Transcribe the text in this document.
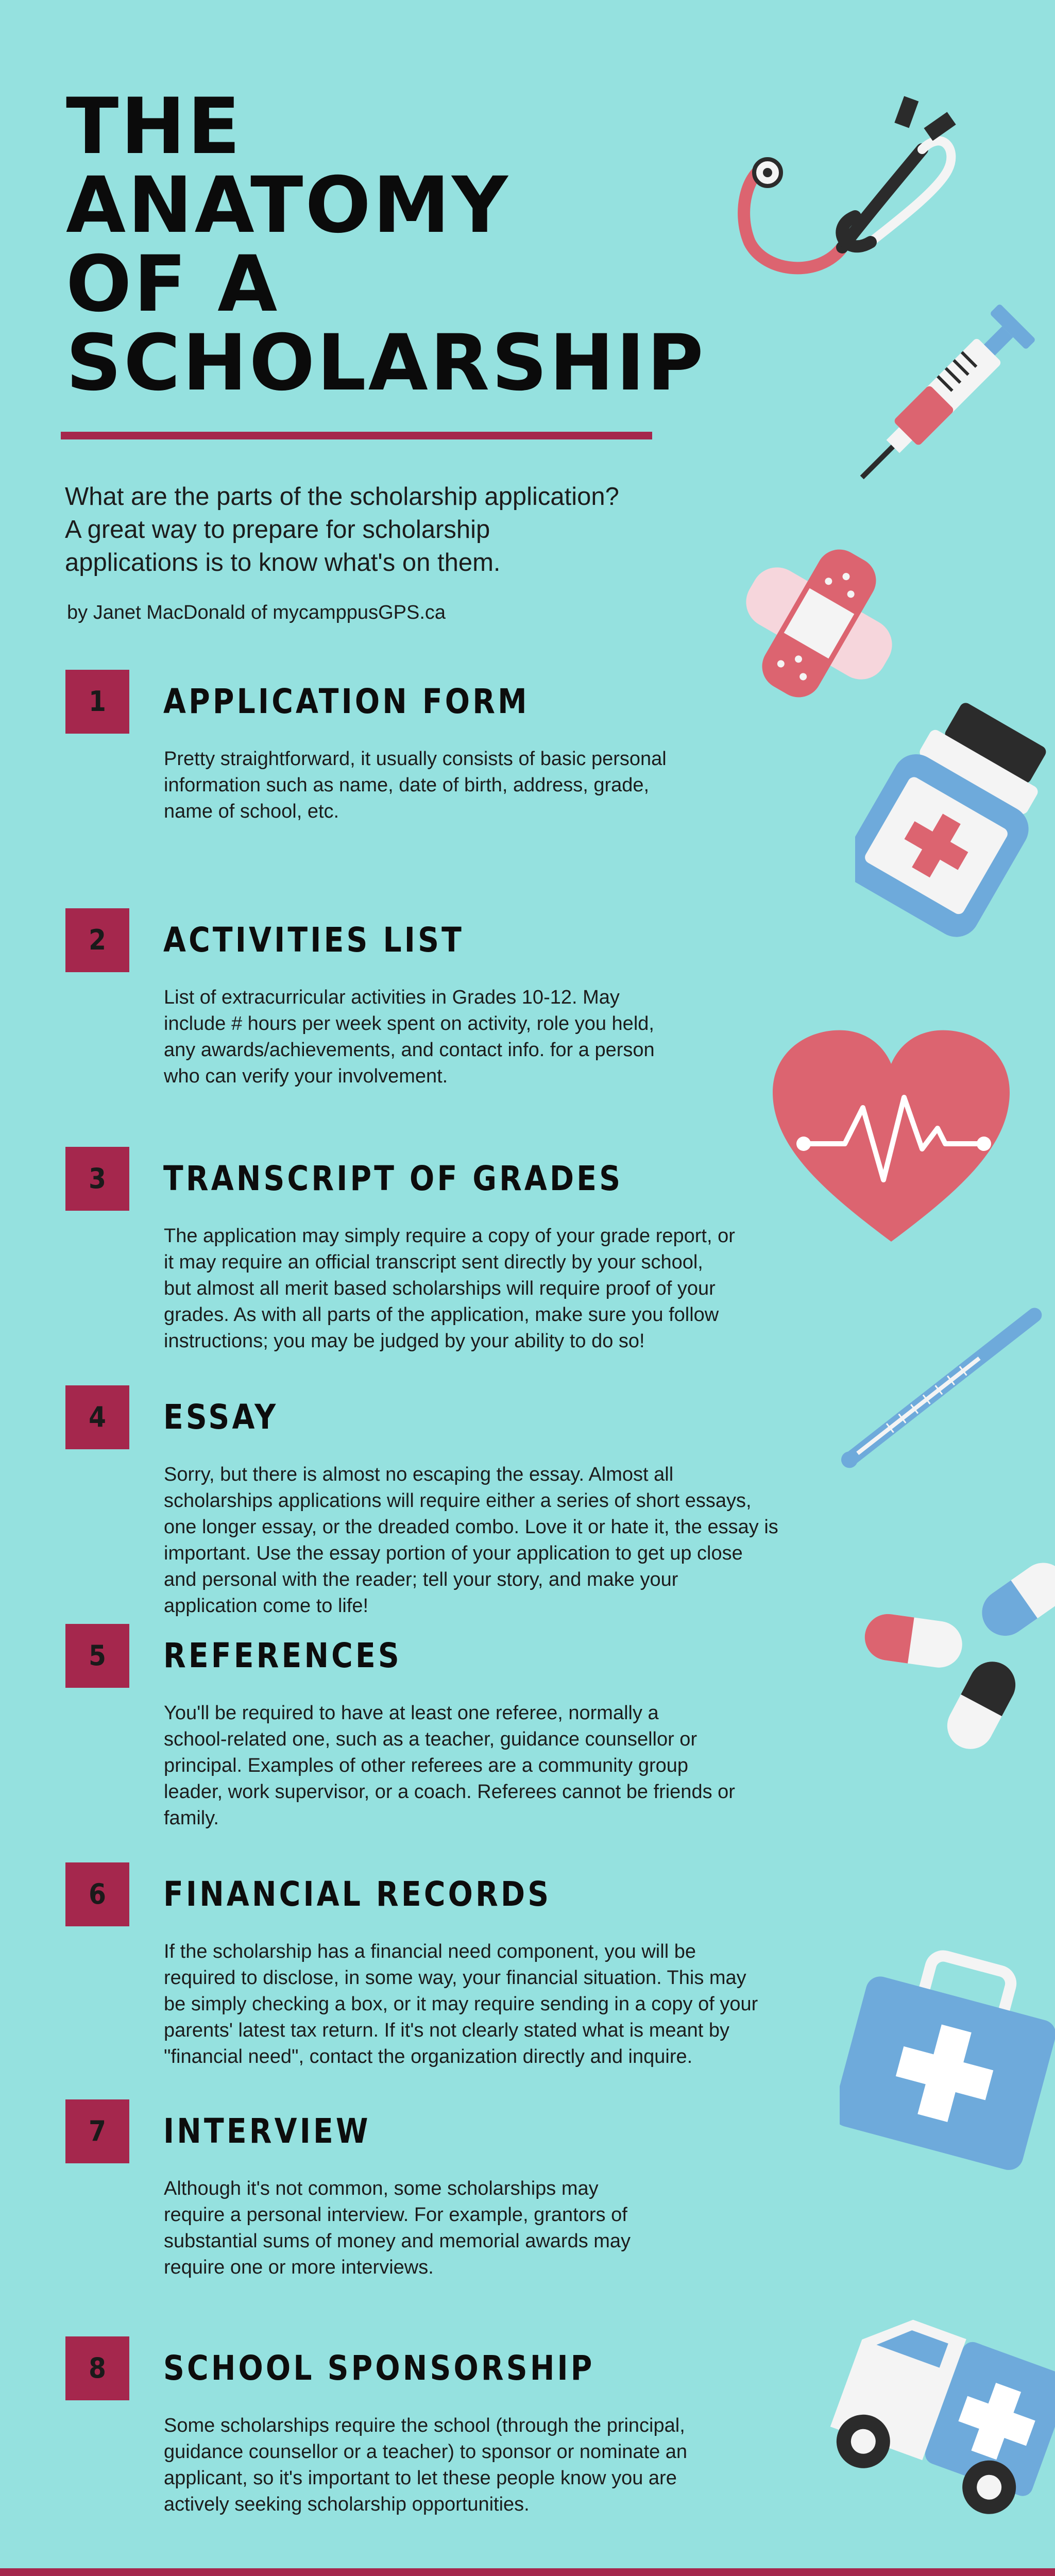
THE
ANATOMY
OF A
SCHOLARSHIP
What are the parts of the scholarship application?
A great way to prepare for scholarship
applications is to know what's on them.
by Janet MacDonald of mycamppusGPS.ca
1	APPLICATION FORM
Pretty straightforward, it usually consists of basic personal
information such as name, date of birth, address, grade,
name of school, etc.
2	ACTIVITIES LIST
List of extracurricular activities in Grades 10-12. May
include # hours per week spent on activity, role you held,
any awards/achievements, and contact info. for a person
who can verify your involvement.
3	TRANSCRIPT OF GRADES
The application may simply require a copy of your grade report, or
it may require an official transcript sent directly by your school,
but almost all merit based scholarships will require proof of your
grades. As with all parts of the application, make sure you follow
instructions; you may be judged by your ability to do so!
4	ESSAY
Sorry, but there is almost no escaping the essay. Almost all
scholarships applications will require either a series of short essays,
one longer essay, or the dreaded combo. Love it or hate it, the essay is
important. Use the essay portion of your application to get up close
and personal with the reader; tell your story, and make your
application come to life!
5	REFERENCES
You'll be required to have at least one referee, normally a
school-related one, such as a teacher, guidance counsellor or
principal. Examples of other referees are a community group
leader, work supervisor, or a coach. Referees cannot be friends or
family.
6	FINANCIAL RECORDS
If the scholarship has a financial need component, you will be
required to disclose, in some way, your financial situation. This may
be simply checking a box, or it may require sending in a copy of your
parents' latest tax return. If it's not clearly stated what is meant by
"financial need", contact the organization directly and inquire.
7	INTERVIEW
Although it's not common, some scholarships may
require a personal interview. For example, grantors of
substantial sums of money and memorial awards may
require one or more interviews.
8	SCHOOL SPONSORSHIP
Some scholarships require the school (through the principal,
guidance counsellor or a teacher) to sponsor or nominate an
applicant, so it's important to let these people know you are
actively seeking scholarship opportunities.
